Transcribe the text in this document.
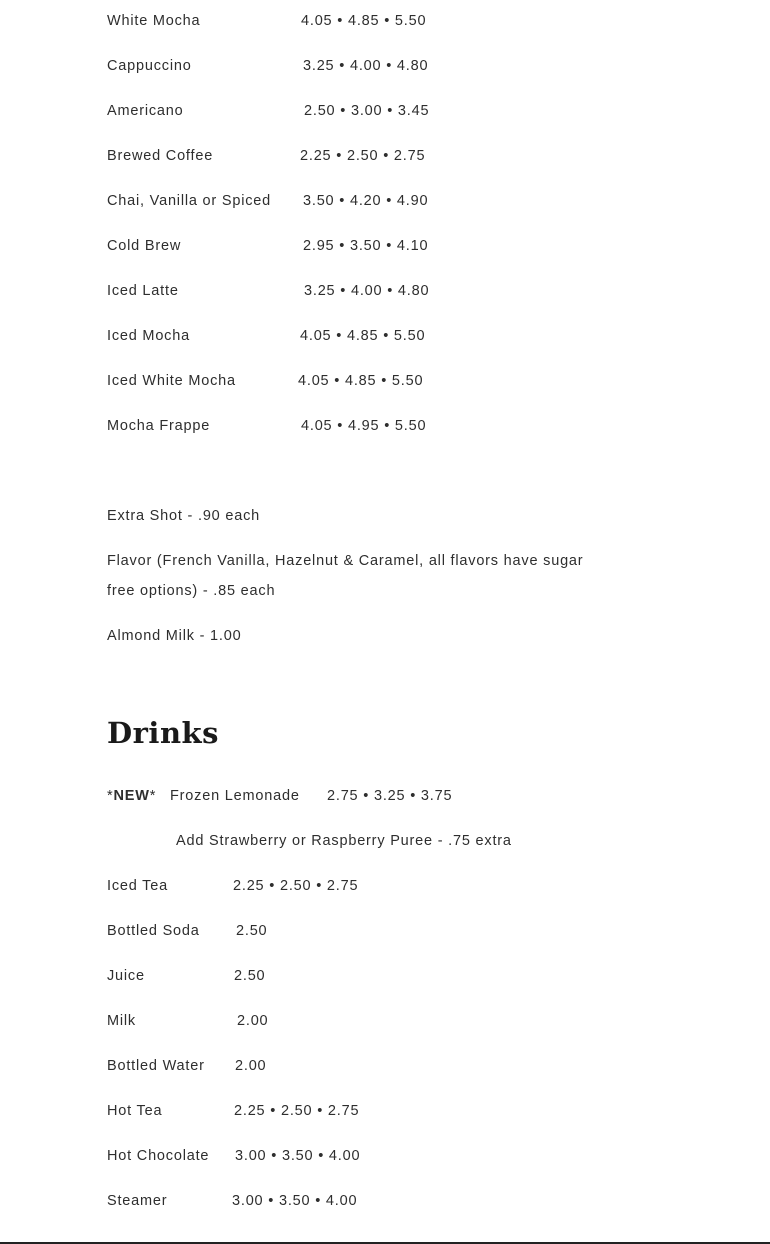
White Mocha	4.05 • 4.85 • 5.50
Cappuccino	3.25 • 4.00 • 4.80
Americano	2.50 • 3.00 • 3.45
Brewed Coffee	2.25 • 2.50 • 2.75
Chai, Vanilla or Spiced 3.50 • 4.20 • 4.90
Cold Brew	2.95 • 3.50 • 4.10
Iced Latte	3.25 • 4.00 • 4.80
Iced Mocha	4.05 • 4.85 • 5.50
Iced White Mocha	4.05 • 4.85 • 5.50
Mocha Frappe	4.05 • 4.95 • 5.50
Extra Shot - .90 each
Flavor (French Vanilla, Hazelnut & Caramel, all flavors have sugar free options) - .85 each
Almond Milk - 1.00
Drinks
*NEW* Frozen Lemonade 2.75 • 3.25 • 3.75
Add Strawberry or Raspberry Puree - .75 extra
Iced Tea	2.25 • 2.50 • 2.75
Bottled Soda	2.50
Juice	2.50
Milk	2.00
Bottled Water 2.00
Hot Tea	2.25 • 2.50 • 2.75
Hot Chocolate 3.00 • 3.50 • 4.00
Steamer	3.00 • 3.50 • 4.00
